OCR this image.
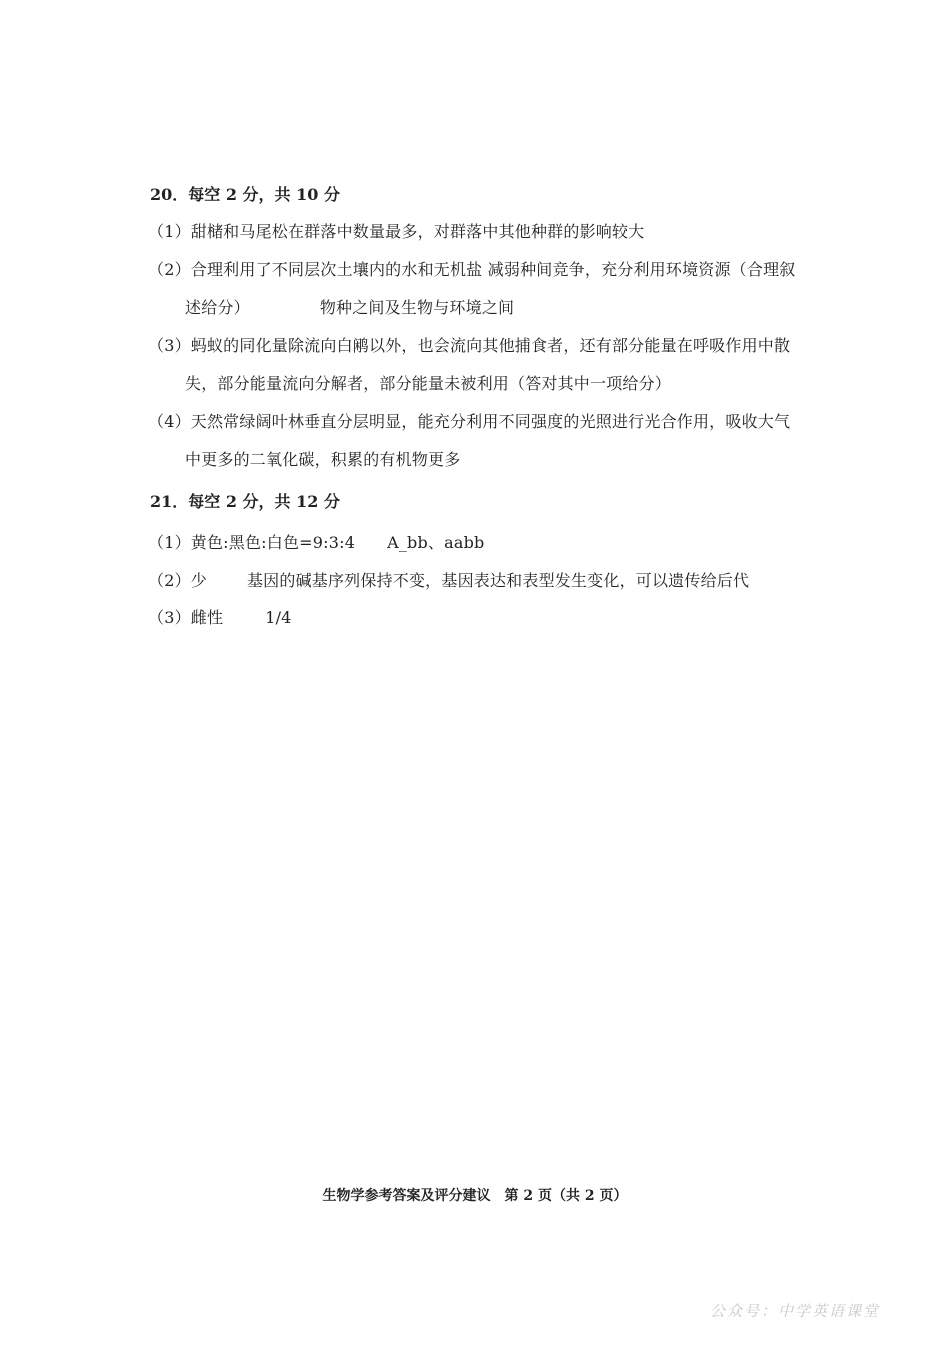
20．每空 2 分，共 10 分
（1）甜槠和马尾松在群落中数量最多，对群落中其他种群的影响较大
（2）合理利用了不同层次土壤内的水和无机盐 减弱种间竞争，充分利用环境资源（合理叙
述给分）	物种之间及生物与环境之间
（3）蚂蚁的同化量除流向白鹇以外，也会流向其他捕食者，还有部分能量在呼吸作用中散
失，部分能量流向分解者，部分能量未被利用（答对其中一项给分）
（4）天然常绿阔叶林垂直分层明显，能充分利用不同强度的光照进行光合作用，吸收大气
中更多的二氧化碳，积累的有机物更多
21．每空 2 分，共 12 分
（1）黄色:黑色:白色=9:3:4 A_bb、aabb
（2）少	基因的碱基序列保持不变，基因表达和表型发生变化，可以遗传给后代
（3）雌性	1/4
生物学参考答案及评分建议　第 2 页（共 2 页）
公众号：中学英语课堂
